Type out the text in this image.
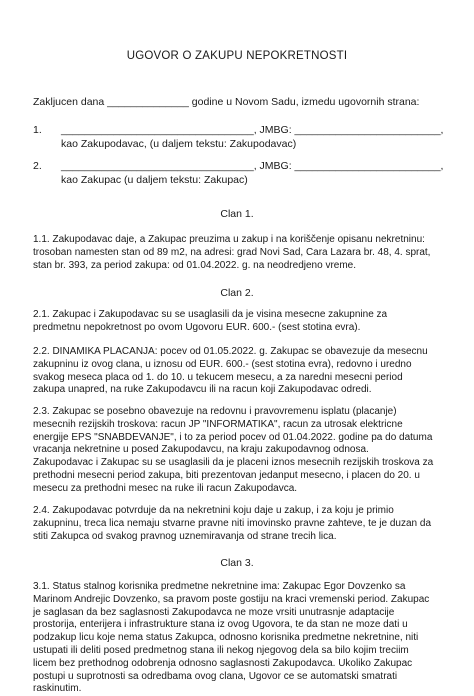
UGOVOR O ZAKUPU NEPOKRETNOSTI
Zakljucen dana ______________ godine u Novom Sadu, izmedu ugovornih strana:
1. _________________________________, JMBG: _________________________,
kao Zakupodavac, (u daljem tekstu: Zakupodavac)
2. _________________________________, JMBG: _________________________,
kao Zakupac (u daljem tekstu: Zakupac)
Clan 1.
1.1. Zakupodavac daje, a Zakupac preuzima u zakup i na koriščenje opisanu nekretninu:
trosoban namesten stan od 89 m2, na adresi: grad Novi Sad, Cara Lazara br. 48, 4. sprat,
stan br. 393, za period zakupa: od 01.04.2022. g. na neodredjeno vreme.
Clan 2.
2.1. Zakupac i Zakupodavac su se usaglasili da je visina mesecne zakupnine za
predmetnu nepokretnost po ovom Ugovoru EUR. 600.- (sest stotina evra).
2.2. DINAMIKA PLACANJA: pocev od 01.05.2022. g. Zakupac se obavezuje da mesecnu
zakupninu iz ovog clana, u iznosu od EUR. 600.- (sest stotina evra), redovno i uredno
svakog meseca placa od 1. do 10. u tekucem mesecu, a za naredni mesecni period
zakupa unapred, na ruke Zakupodavcu ili na racun koji Zakupodavac odredi.
2.3. Zakupac se posebno obavezuje na redovnu i pravovremenu isplatu (placanje)
mesecnih rezijskih troskova: racun JP "INFORMATIKA", racun za utrosak elektricne
energije EPS "SNABDEVANJE", i to za period pocev od 01.04.2022. godine pa do datuma
vracanja nekretnine u posed Zakupodavcu, na kraju zakupodavnog odnosa.
Zakupodavac i Zakupac su se usaglasili da je placeni iznos mesecnih rezijskih troskova za
prethodni mesecni period zakupa, biti prezentovan jedanput mesecno, i placen do 20. u
mesecu za prethodni mesec na ruke ili racun Zakupodavca.
2.4. Zakupodavac potvrduje da na nekretnini koju daje u zakup, i za koju je primio
zakupninu, treca lica nemaju stvarne pravne niti imovinsko pravne zahteve, te je duzan da
stiti Zakupca od svakog pravnog uznemiravanja od strane trecih lica.
Clan 3.
3.1. Status stalnog korisnika predmetne nekretnine ima: Zakupac Egor Dovzenko sa
Marinom Andrejic Dovzenko, sa pravom poste gostiju na kraci vremenski period. Zakupac
je saglasan da bez saglasnosti Zakupodavca ne moze vrsiti unutrasnje adaptacije
prostorija, enterijera i infrastrukture stana iz ovog Ugovora, te da stan ne moze dati u
podzakup licu koje nema status Zakupca, odnosno korisnika predmetne nekretnine, niti
ustupati ili deliti posed predmetnog stana ili nekog njegovog dela sa bilo kojim treciim
licem bez prethodnog odobrenja odnosno saglasnosti Zakupodavca. Ukoliko Zakupac
postupi u suprotnosti sa odredbama ovog clana, Ugovor ce se automatski smatrati
raskinutim.
